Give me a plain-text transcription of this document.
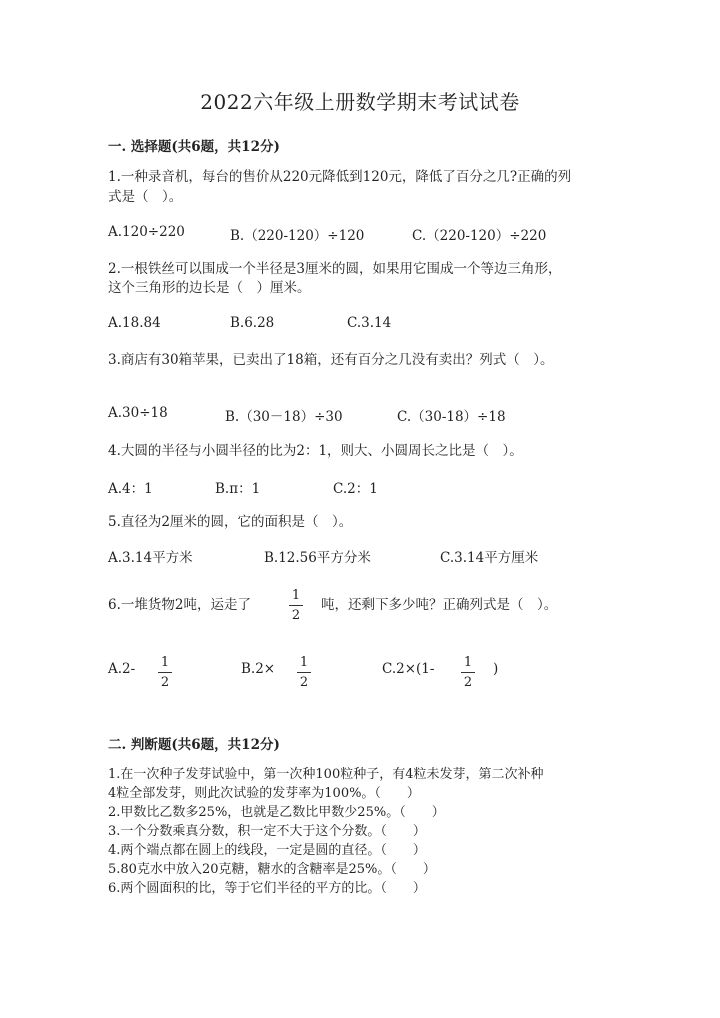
2022六年级上册数学期末考试试卷
一. 选择题(共6题，共12分)
1.一种录音机，每台的售价从220元降低到120元，降低了百分之几?正确的列
式是（　）。
A.120÷220	B.（220-120）÷120	C.（220-120）÷220
2.一根铁丝可以围成一个半径是3厘米的圆，如果用它围成一个等边三角形，
这个三角形的边长是（　）厘米。
A.18.84	B.6.28	C.3.14
3.商店有30箱苹果，已卖出了18箱，还有百分之几没有卖出？列式（　）。
A.30÷18	B.（30－18）÷30	C.（30-18）÷18
4.大圆的半径与小圆半径的比为2：1，则大、小圆周长之比是（　）。
A.4：1	B.π：1	C.2：1
5.直径为2厘米的圆，它的面积是（　）。
A.3.14平方米	B.12.56平方分米	C.3.14平方厘米
6.一堆货物2吨，运走了
1
2
吨，还剩下多少吨？正确列式是（　）。
A.2- 1
2
B.2× 1
2
C.2×(1- 1
2
)
二. 判断题(共6题，共12分)
1.在一次种子发芽试验中，第一次种100粒种子，有4粒未发芽，第二次补种
4粒全部发芽，则此次试验的发芽率为100%。（　　）
2.甲数比乙数多25%，也就是乙数比甲数少25%。（　　）
3.一个分数乘真分数，积一定不大于这个分数。（　　）
4.两个端点都在圆上的线段，一定是圆的直径。（　　）
5.80克水中放入20克糖，糖水的含糖率是25%。（　　）
6.两个圆面积的比，等于它们半径的平方的比。（　　）
